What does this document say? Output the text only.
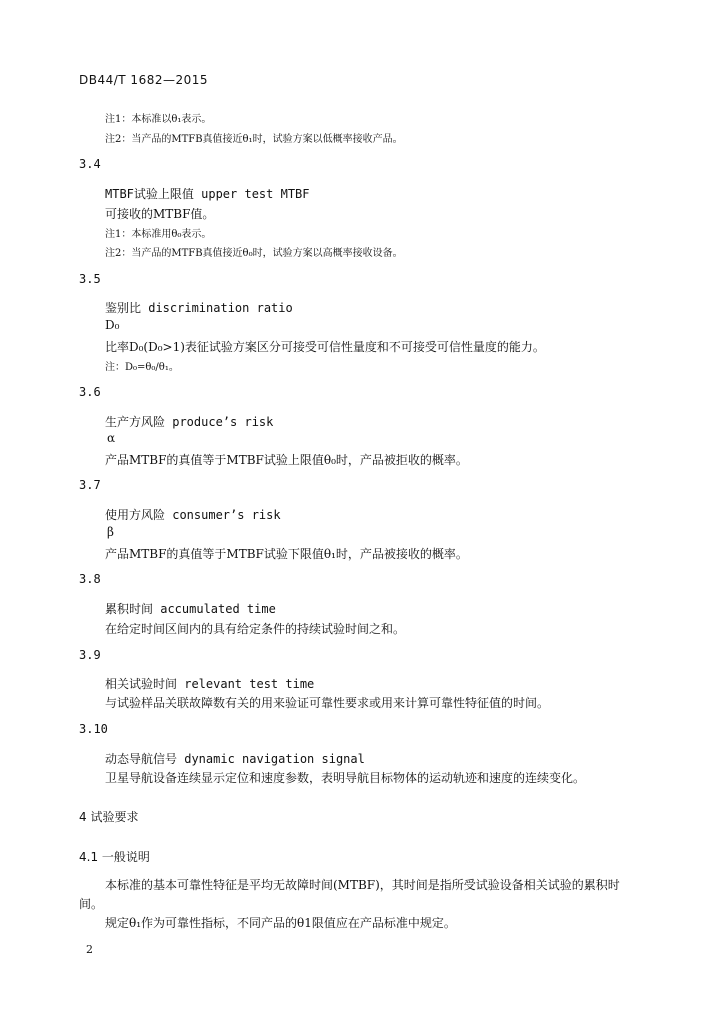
DB44/T 1682—2015
注1：本标准以θ₁表示。
注2：当产品的MTFB真值接近θ₁时，试验方案以低概率接收产品。
3.4
MTBF试验上限值 upper test MTBF
可接收的MTBF值。
注1：本标准用θ₀表示。
注2：当产品的MTFB真值接近θ₀时，试验方案以高概率接收设备。
3.5
鉴别比 discrimination ratio
D₀
比率D₀(D₀>1)表征试验方案区分可接受可信性量度和不可接受可信性量度的能力。
注：D₀=θ₀/θ₁。
3.6
生产方风险 produce’s risk
α
产品MTBF的真值等于MTBF试验上限值θ₀时，产品被拒收的概率。
3.7
使用方风险 consumer’s risk
β
产品MTBF的真值等于MTBF试验下限值θ₁时，产品被接收的概率。
3.8
累积时间 accumulated time
在给定时间区间内的具有给定条件的持续试验时间之和。
3.9
相关试验时间 relevant test time
与试验样品关联故障数有关的用来验证可靠性要求或用来计算可靠性特征值的时间。
3.10
动态导航信号 dynamic navigation signal
卫星导航设备连续显示定位和速度参数，表明导航目标物体的运动轨迹和速度的连续变化。
4 试验要求
4.1 一般说明
本标准的基本可靠性特征是平均无故障时间(MTBF)，其时间是指所受试验设备相关试验的累积时
间。
规定θ₁作为可靠性指标，不同产品的θ1限值应在产品标准中规定。
2
